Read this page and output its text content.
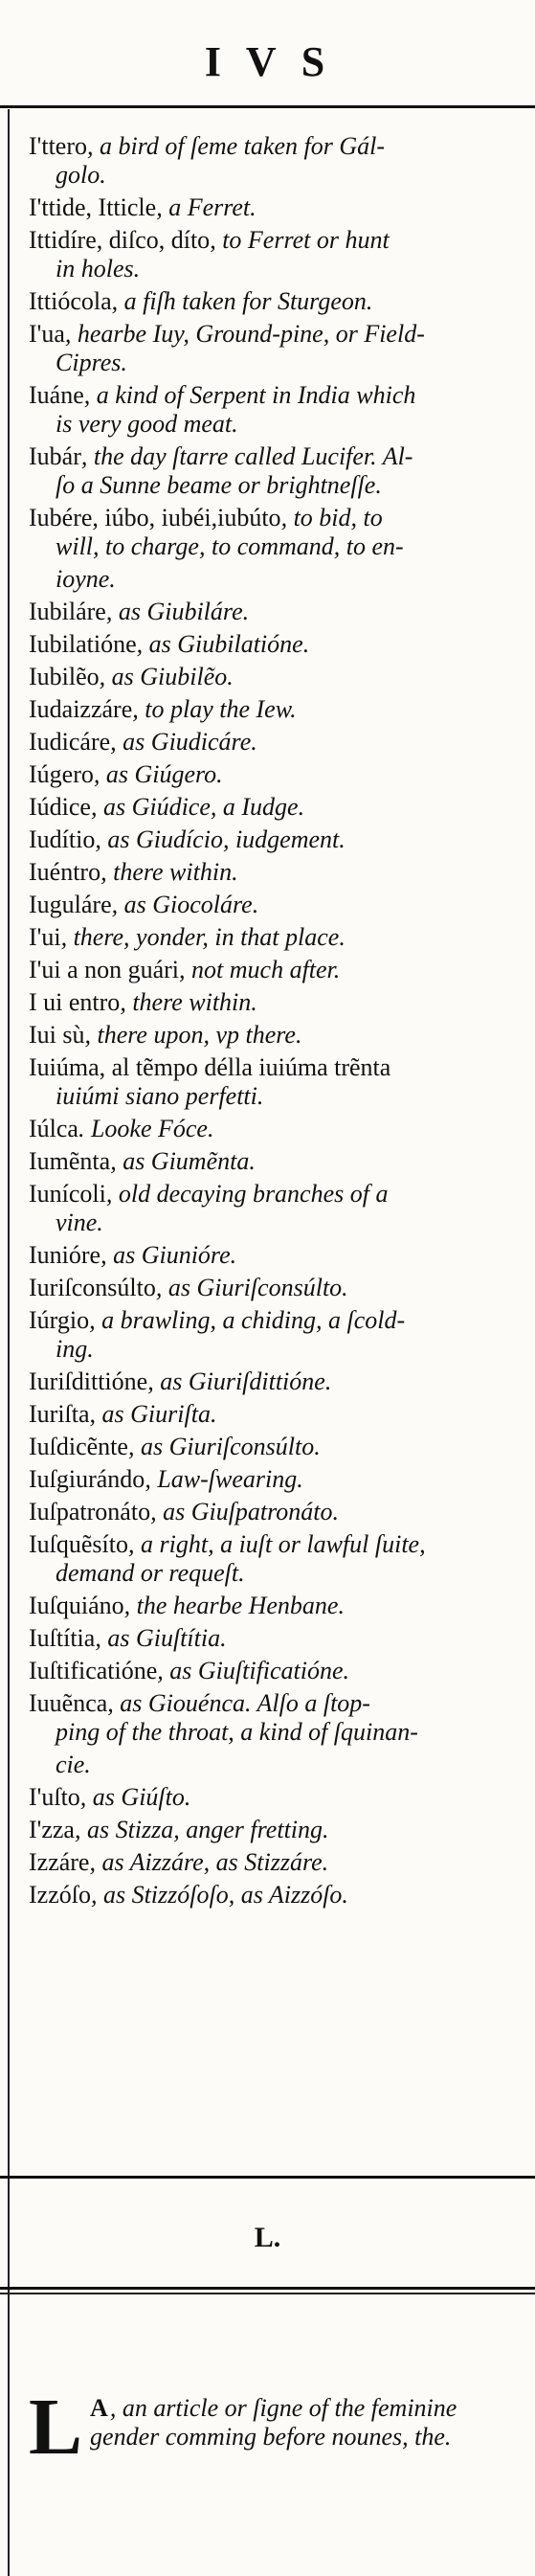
IVS
I'ttero, a bird of ſeme taken for Gál-
golo.
I'ttide, Itticle, a Ferret.
Ittidíre, diſco, díto, to Ferret or hunt
in holes.
Ittiócola, a fiſh taken for Sturgeon.
I'ua, hearbe Iuy, Ground-pine, or Field-
Cipres.
Iuáne, a kind of Serpent in India which
is very good meat.
Iubár, the day ſtarre called Lucifer. Al-
ſo a Sunne beame or brightneſſe.
Iubére, iúbo, iubéi,iubúto, to bid, to
will, to charge, to command, to en-
ioyne.
Iubiláre, as Giubiláre.
Iubilatióne, as Giubilatióne.
Iubilẽo, as Giubilẽo.
Iudaizzáre, to play the Iew.
Iudicáre, as Giudicáre.
Iúgero, as Giúgero.
Iúdice, as Giúdice, a Iudge.
Iudítio, as Giudício, iudgement.
Iuéntro, there within.
Iuguláre, as Giocoláre.
I'ui, there, yonder, in that place.
I'ui a non guári, not much after.
I ui entro, there within.
Iui sù, there upon, vp there.
Iuiúma, al tẽmpo délla iuiúma trẽnta
iuiúmi siano perfetti.
Iúlca. Looke Fóce.
Iumẽnta, as Giumẽnta.
Iunícoli, old decaying branches of a
vine.
Iunióre, as Giunióre.
Iuriſconsúlto, as Giuriſconsúlto.
Iúrgio, a brawling, a chiding, a ſcold-
ing.
Iuriſdittióne, as Giuriſdittióne.
Iuriſta, as Giuriſta.
Iuſdicẽnte, as Giuriſconsúlto.
Iuſgiurándo, Law-ſwearing.
Iuſpatronáto, as Giuſpatronáto.
Iuſquẽsíto, a right, a iuſt or lawful ſuite,
demand or requeſt.
Iuſquiáno, the hearbe Henbane.
Iuſtítia, as Giuſtítia.
Iuſtificatióne, as Giuſtificatióne.
Iuuẽnca, as Giouénca. Alſo a ſtop-
ping of the throat, a kind of ſquinan-
cie.
I'uſto, as Giúſto.
I'zza, as Stizza, anger fretting.
Izzáre, as Aizzáre, as Stizzáre.
Izzóſo, as Stizzóſoſo, as Aizzóſo.
L.
L A, an article or ſigne of the feminine gender comming before nounes, the.
